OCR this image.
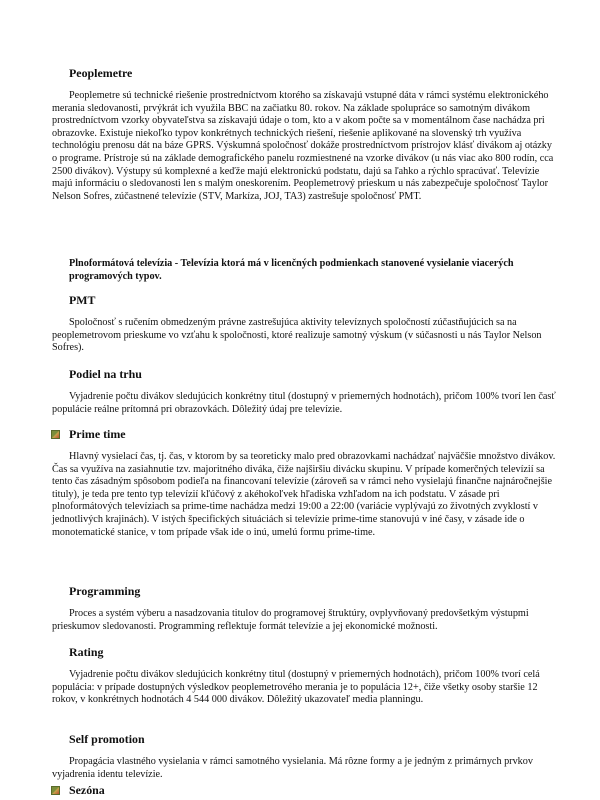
Peoplemetre

Peoplemetre sú technické riešenie prostredníctvom ktorého sa získavajú vstupné dáta v rámci systému elektronického merania sledovanosti, prvýkrát ich využila BBC na začiatku 80. rokov. Na základe spolupráce so samotným divákom prostredníctvom vzorky obyvateľstva sa získavajú údaje o tom, kto a v akom počte sa v momentálnom čase nachádza pri obrazovke. Existuje niekoľko typov konkrétnych technických riešení, riešenie aplikované na slovenský trh využíva technológiu prenosu dát na báze GPRS. Výskumná spoločnosť dokáže prostredníctvom prístrojov klásť divákom aj otázky o programe. Prístroje sú na základe demografického panelu rozmiestnené na vzorke divákov (u nás viac ako 800 rodín, cca 2500 divákov). Výstupy sú komplexné a keďže majú elektronickú podstatu, dajú sa ľahko a rýchlo spracúvať. Televízie majú informáciu o sledovanosti len s malým oneskorením. Peoplemetrový prieskum u nás zabezpečuje spoločnosť Taylor Nelson Sofres, zúčastnené televízie (STV, Markíza, JOJ, TA3) zastrešuje spoločnosť PMT.

Plnoformátová televízia - Televízia ktorá má v licenčných podmienkach stanovené vysielanie viacerých programových typov.

PMT

Spoločnosť s ručením obmedzeným právne zastrešujúca aktivity televíznych spoločností zúčastňujúcich sa na peoplemetrovom prieskume vo vzťahu k spoločnosti, ktoré realizuje samotný výskum (v súčasnosti u nás Taylor Nelson Sofres).

Podiel na trhu

Vyjadrenie počtu divákov sledujúcich konkrétny titul (dostupný v priemerných hodnotách), pričom 100% tvorí len časť populácie reálne prítomná pri obrazovkách. Dôležitý údaj pre televízie.

Prime time

Hlavný vysielací čas, tj. čas, v ktorom by sa teoreticky malo pred obrazovkami nachádzať najväčšie množstvo divákov. Čas sa využíva na zasiahnutie tzv. majoritného diváka, čiže najširšiu divácku skupinu. V prípade komerčných televízií sa tento čas zásadným spôsobom podieľa na financovaní televízie (zároveň sa v rámci neho vysielajú finančne najnáročnejšie tituly), je teda pre tento typ televízií kľúčový z akéhokoľvek hľadiska vzhľadom na ich podstatu. V zásade pri plnoformátových televíziach sa prime-time nachádza medzi 19:00 a 22:00 (variácie vyplývajú zo životných zvyklostí v jednotlivých krajinách). V istých špecifických situáciách si televízie prime-time stanovujú v iné časy, v zásade ide o monotematické stanice, v tom prípade však ide o inú, umelú formu prime-time.

Programming

Proces a systém výberu a nasadzovania titulov do programovej štruktúry, ovplyvňovaný predovšetkým výstupmi prieskumov sledovanosti. Programming reflektuje formát televízie a jej ekonomické možnosti.

Rating

Vyjadrenie počtu divákov sledujúcich konkrétny titul (dostupný v priemerných hodnotách), pričom 100% tvorí celá populácia: v prípade dostupných výsledkov peoplemetrového merania je to populácia 12+, čiže všetky osoby staršie 12 rokov, v konkrétnych hodnotách 4 544 000 divákov. Dôležitý ukazovateľ media planningu.

Self promotion

Propagácia vlastného vysielania v rámci samotného vysielania. Má rôzne formy a je jedným z primárnych prvkov vyjadrenia identu televízie.

Sezóna
